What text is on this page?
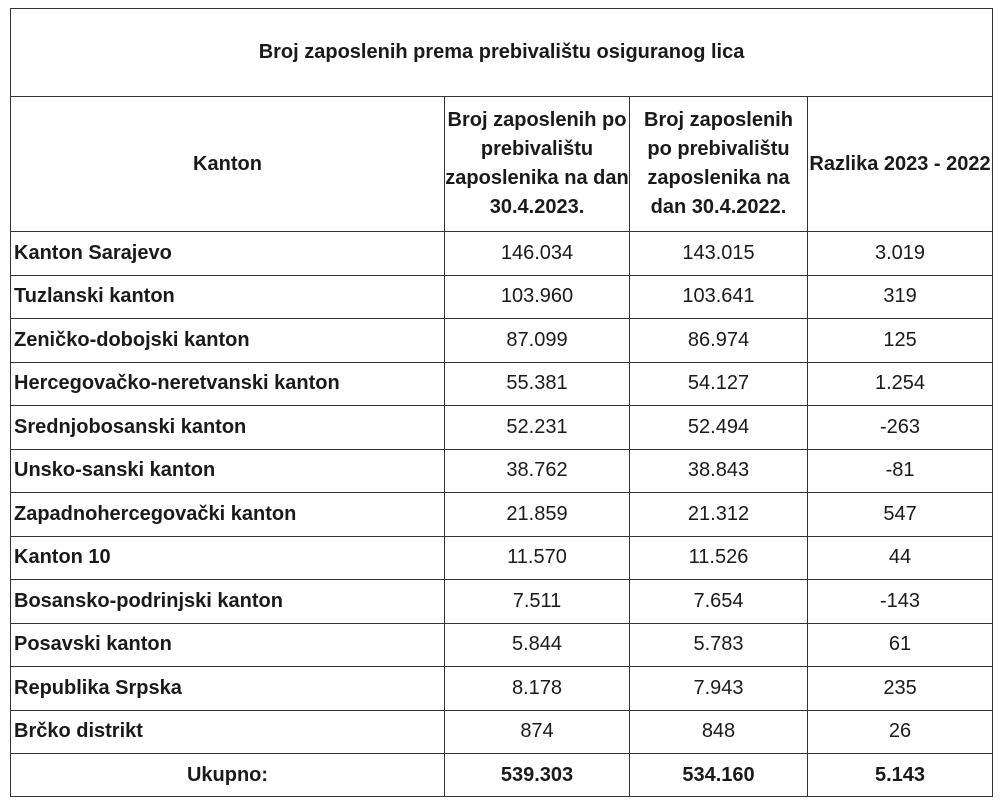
Broj zaposlenih prema prebivalištu osiguranog lica			
Kanton	Broj zaposlenih po prebivalištu zaposlenika na dan 30.4.2023.	Broj zaposlenih po prebivalištu zaposlenika na dan 30.4.2022.	Razlika 2023 - 2022
Kanton Sarajevo	146.034	143.015	3.019
Tuzlanski kanton	103.960	103.641	319
Zeničko-dobojski kanton	87.099	86.974	125
Hercegovačko-neretvanski kanton	55.381	54.127	1.254
Srednjobosanski kanton	52.231	52.494	-263
Unsko-sanski kanton	38.762	38.843	-81
Zapadnohercegovački kanton	21.859	21.312	547
Kanton 10	11.570	11.526	44
Bosansko-podrinjski kanton	7.511	7.654	-143
Posavski kanton	5.844	5.783	61
Republika Srpska	8.178	7.943	235
Brčko distrikt	874	848	26
Ukupno:	539.303	534.160	5.143
